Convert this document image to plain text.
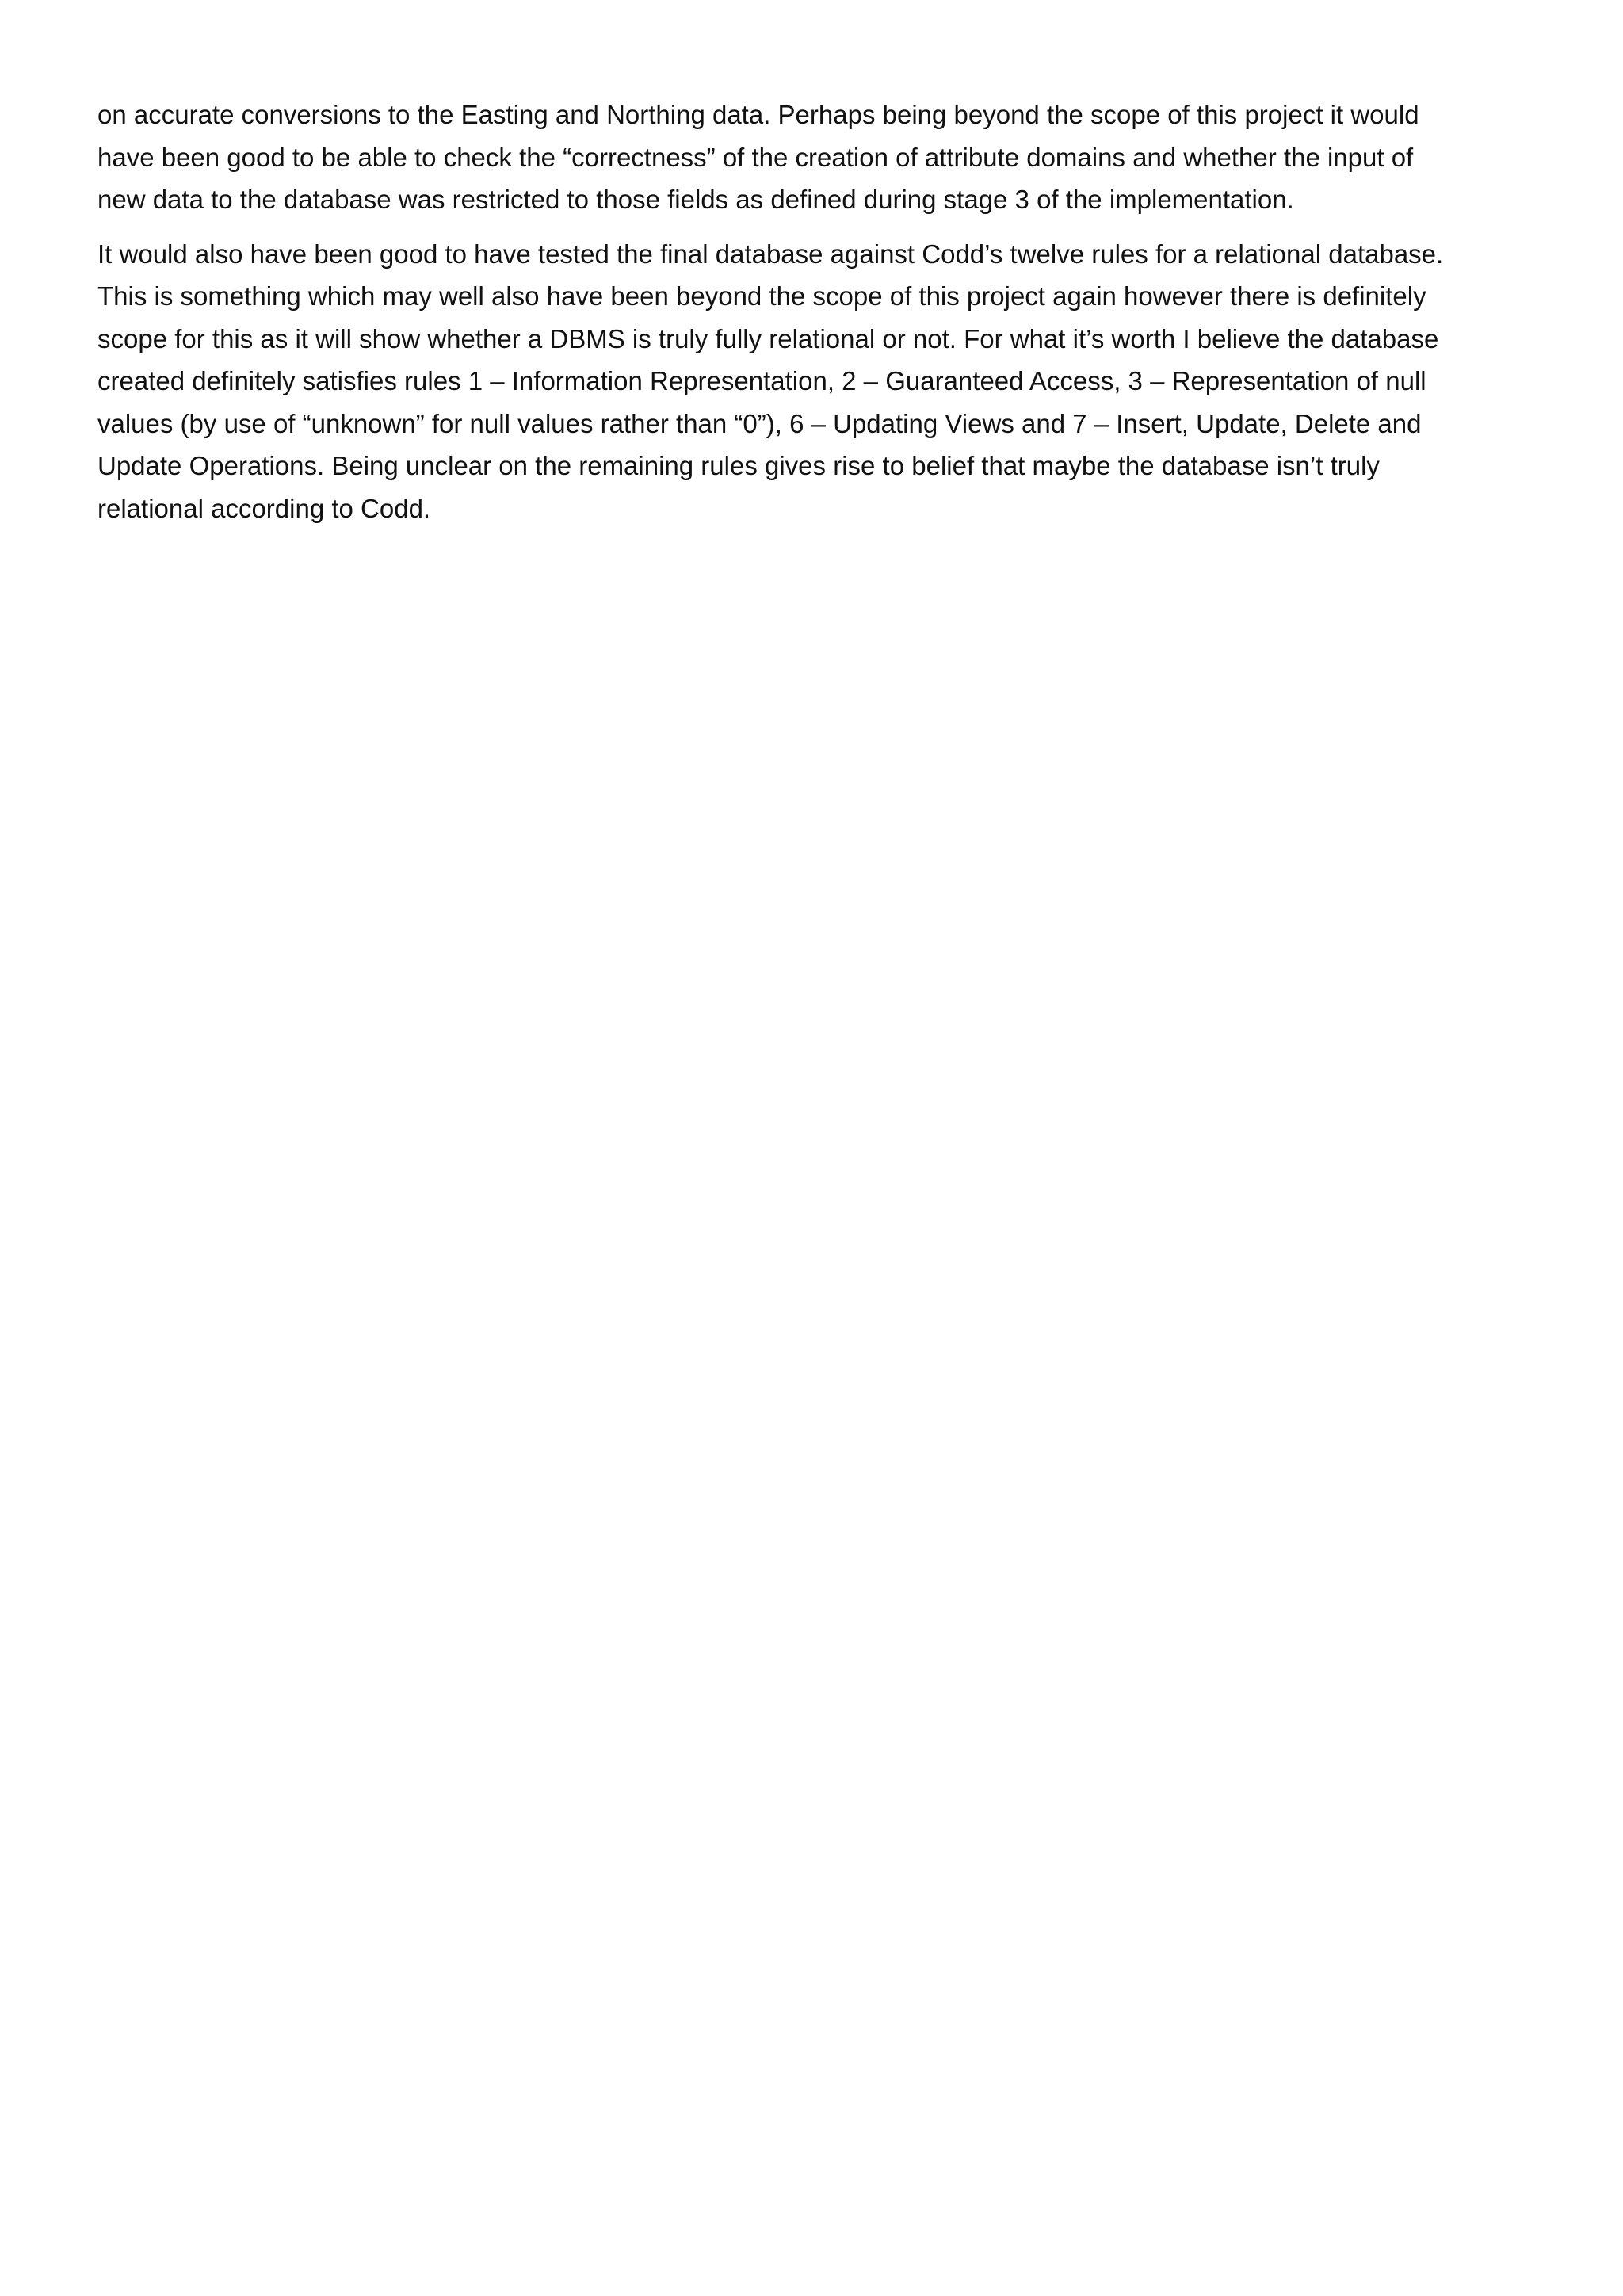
on accurate conversions to the Easting and Northing data. Perhaps being beyond the scope of this project it would
have been good to be able to check the “correctness” of the creation of attribute domains and whether the input of
new data to the database was restricted to those fields as defined during stage 3 of the implementation.
It would also have been good to have tested the final database against Codd’s twelve rules for a relational database.
This is something which may well also have been beyond the scope of this project again however there is definitely
scope for this as it will show whether a DBMS is truly fully relational or not. For what it’s worth I believe the database
created definitely satisfies rules 1 – Information Representation, 2 – Guaranteed Access, 3 – Representation of null
values (by use of “unknown” for null values rather than “0”), 6 – Updating Views and 7 – Insert, Update, Delete and
Update Operations. Being unclear on the remaining rules gives rise to belief that maybe the database isn’t truly
relational according to Codd.
